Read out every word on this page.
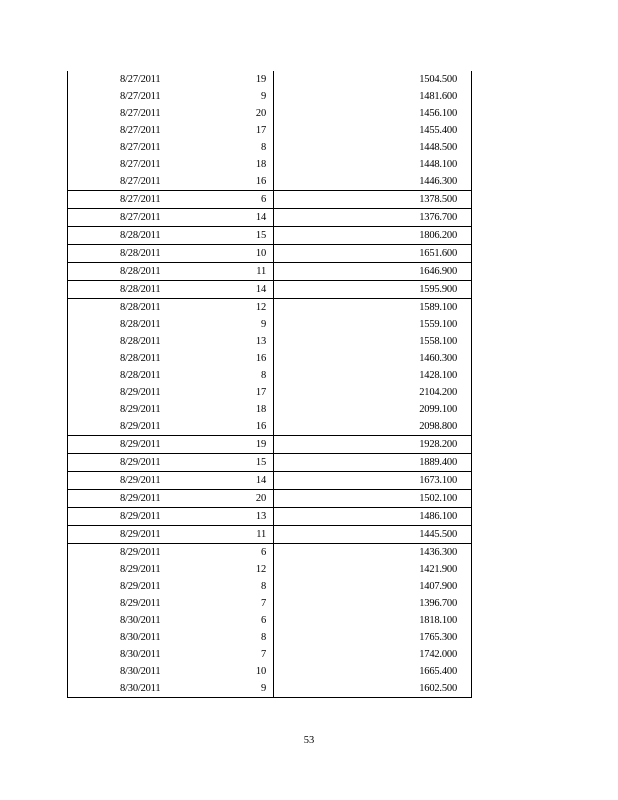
8/27/2011 19	1504.500

8/27/2011 9	1481.600

8/27/2011 20	1456.100

8/27/2011 17	1455.400

8/27/2011 8	1448.500

8/27/2011 18	1448.100

8/27/2011 16	1446.300

8/27/2011 6	1378.500

8/27/2011 14	1376.700

8/28/2011 15	1806.200

8/28/2011 10	1651.600

8/28/2011 11	1646.900

8/28/2011 14	1595.900

8/28/2011 12	1589.100

8/28/2011 9	1559.100

8/28/2011 13	1558.100

8/28/2011 16	1460.300

8/28/2011 8	1428.100

8/29/2011 17	2104.200

8/29/2011 18	2099.100

8/29/2011 16	2098.800

8/29/2011 19	1928.200

8/29/2011 15	1889.400

8/29/2011 14	1673.100

8/29/2011 20	1502.100

8/29/2011 13	1486.100

8/29/2011 11	1445.500

8/29/2011 6	1436.300

8/29/2011 12	1421.900

8/29/2011 8	1407.900

8/29/2011 7	1396.700

8/30/2011 6	1818.100

8/30/2011 8	1765.300

8/30/2011 7	1742.000

8/30/2011 10	1665.400

8/30/2011 9	1602.500
53
